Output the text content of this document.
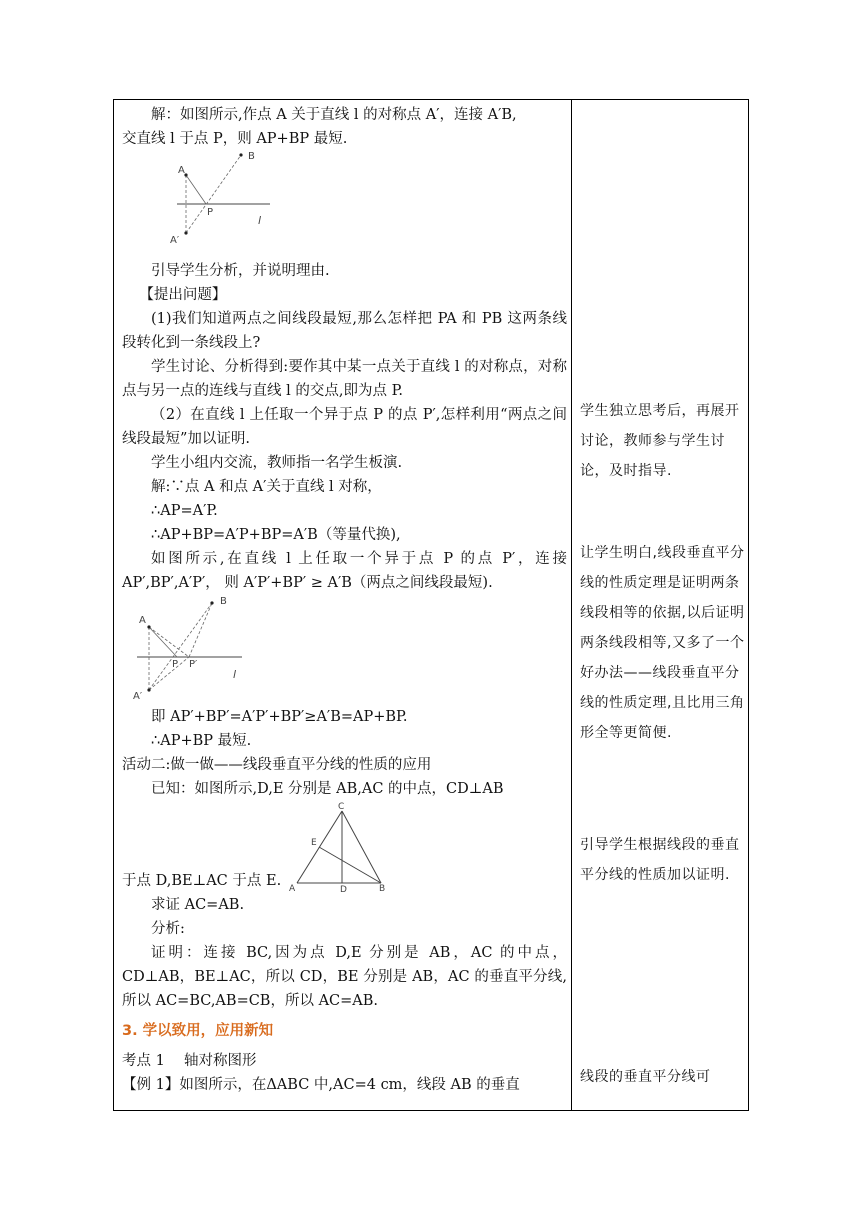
解：如图所示,作点 A 关于直线 l 的对称点 A′，连接 A′B,

交直线 l 于点 P，则 AP+BP 最短.

A
B
P
A′
l

引导学生分析，并说明理由.

【提出问题】

(1)我们知道两点之间线段最短,那么怎样把 PA 和 PB 这两条线段转化到一条线段上?

学生讨论、分析得到:要作其中某一点关于直线 l 的对称点，对称点与另一点的连线与直线 l 的交点,即为点 P.

（2）在直线 l 上任取一个异于点 P 的点 P′,怎样利用“两点之间线段最短”加以证明.

学生小组内交流，教师指一名学生板演.

解:∵点 A 和点 A′关于直线 l 对称，

∴AP=A′P.

∴AP+BP=A′P+BP=A′B（等量代换),

如图所示,在直线 l 上任取一个异于点 P 的点 P′，连接 AP′,BP′,A′P′， 则 A′P′+BP′ ≥ A′B（两点之间线段最短).

A
B
P P′
A′
l

即 AP′+BP′=A′P′+BP′≥A′B=AP+BP.

∴AP+BP 最短.

活动二:做一做——线段垂直平分线的性质的应用

已知：如图所示,D,E 分别是 AB,AC 的中点，CD⊥AB

于点 D,BE⊥AC 于点 E.
C
E
A	D	B

求证 AC=AB.

分析:

证明：连接 BC,因为点 D,E 分别是 AB，AC 的中点，CD⊥AB，BE⊥AC，所以 CD，BE 分别是 AB，AC 的垂直平分线,所以 AC=BC,AB=CB，所以 AC=AB.

3. 学以致用，应用新知

考点 1　 轴对称图形

【例 1】如图所示，在ΔABC 中,AC=4 cm，线段 AB 的垂直

学生独立思考后，再展开讨论，教师参与学生讨论，及时指导.
让学生明白,线段垂直平分线的性质定理是证明两条线段相等的依据,以后证明两条线段相等,又多了一个好办法——线段垂直平分线的性质定理,且比用三角形全等更简便.
引导学生根据线段的垂直平分线的性质加以证明.
线段的垂直平分线可
